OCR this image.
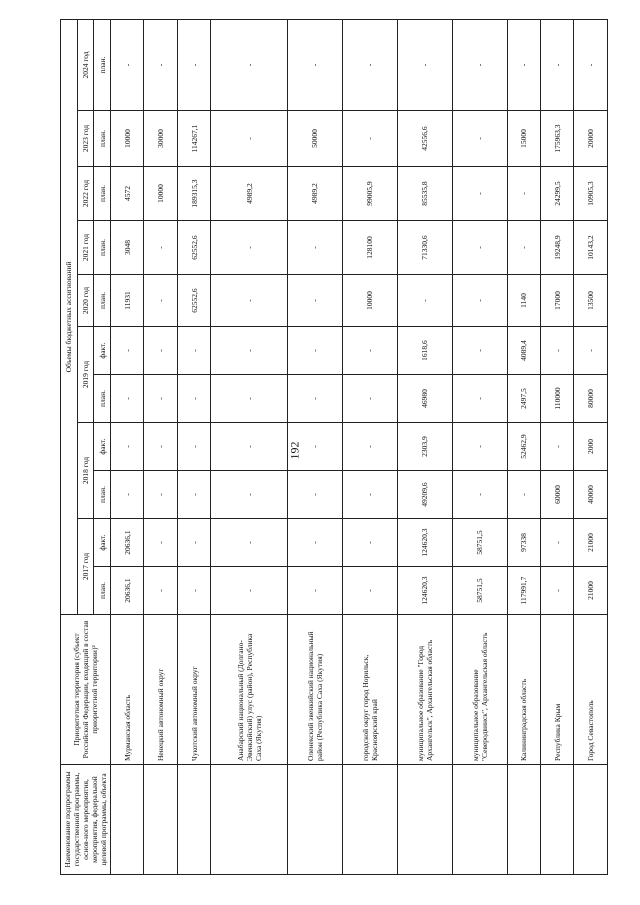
192
Наименование подпрограммы государственной программы, основ-ного мероприятия, мероприятия, федеральной целевой программы, объекта	Приоритетная территория (субъект Российской Федерации, входящий в состав приоритетной территории)²	Объемы бюджетных ассигнований										
		2017 год		2018 год		2019 год		2020 год	2021 год	2022 год	2023 год	2024 год
		план.	факт.	план.	факт.	план.	факт.	план.	план.	план.	план.	план.
	Мурманская область	20636,1	20636,1	-	-	-	-	11931	3048	4572	10000	-
	Ненецкий автономный округ	-	-	-	-	-	-	-	-	10000	30000	-
	Чукотский автономный округ	-	-	-	-	-	-	62552,6	62552,6	189315,3	114267,1	-
	Анабарский национальный (Долгано-Эвенкийский) улус (район), Республика Саха (Якутия)	-	-	-	-	-	-	-	-	4989,2	-	-
	Оленекский эвенкийский национальный район (Республика Саха (Якутия)	-	-	-	-	-	-	-	-	4989,2	50000	-
	городской округ город Норильск, Красноярский край	-	-	-	-	-	-	10000	128100	99005,9	-	-
	муниципальное образование "Город Архангельск", Архангельская область	124620,3	124620,3	49209,6	2303,9	46980	1618,6	-	71330,6	85535,8	42556,6	-
	муниципальное образование "Северодвинск", Архангельская область	58751,5	58751,5	-	-	-	-	-	-	-	-	-
	Калининградская область	117991,7	97338	-	52462,9	2497,5	4089,4	1140	-	-	15000	-
	Республика Крым	-	-	60000	-	110000	-	17000	19248,9	24299,5	175963,3	-
	Город Севастополь	21000	21000	40000	2000	80000	-	13500	10143,2	10905,3	20000	-
